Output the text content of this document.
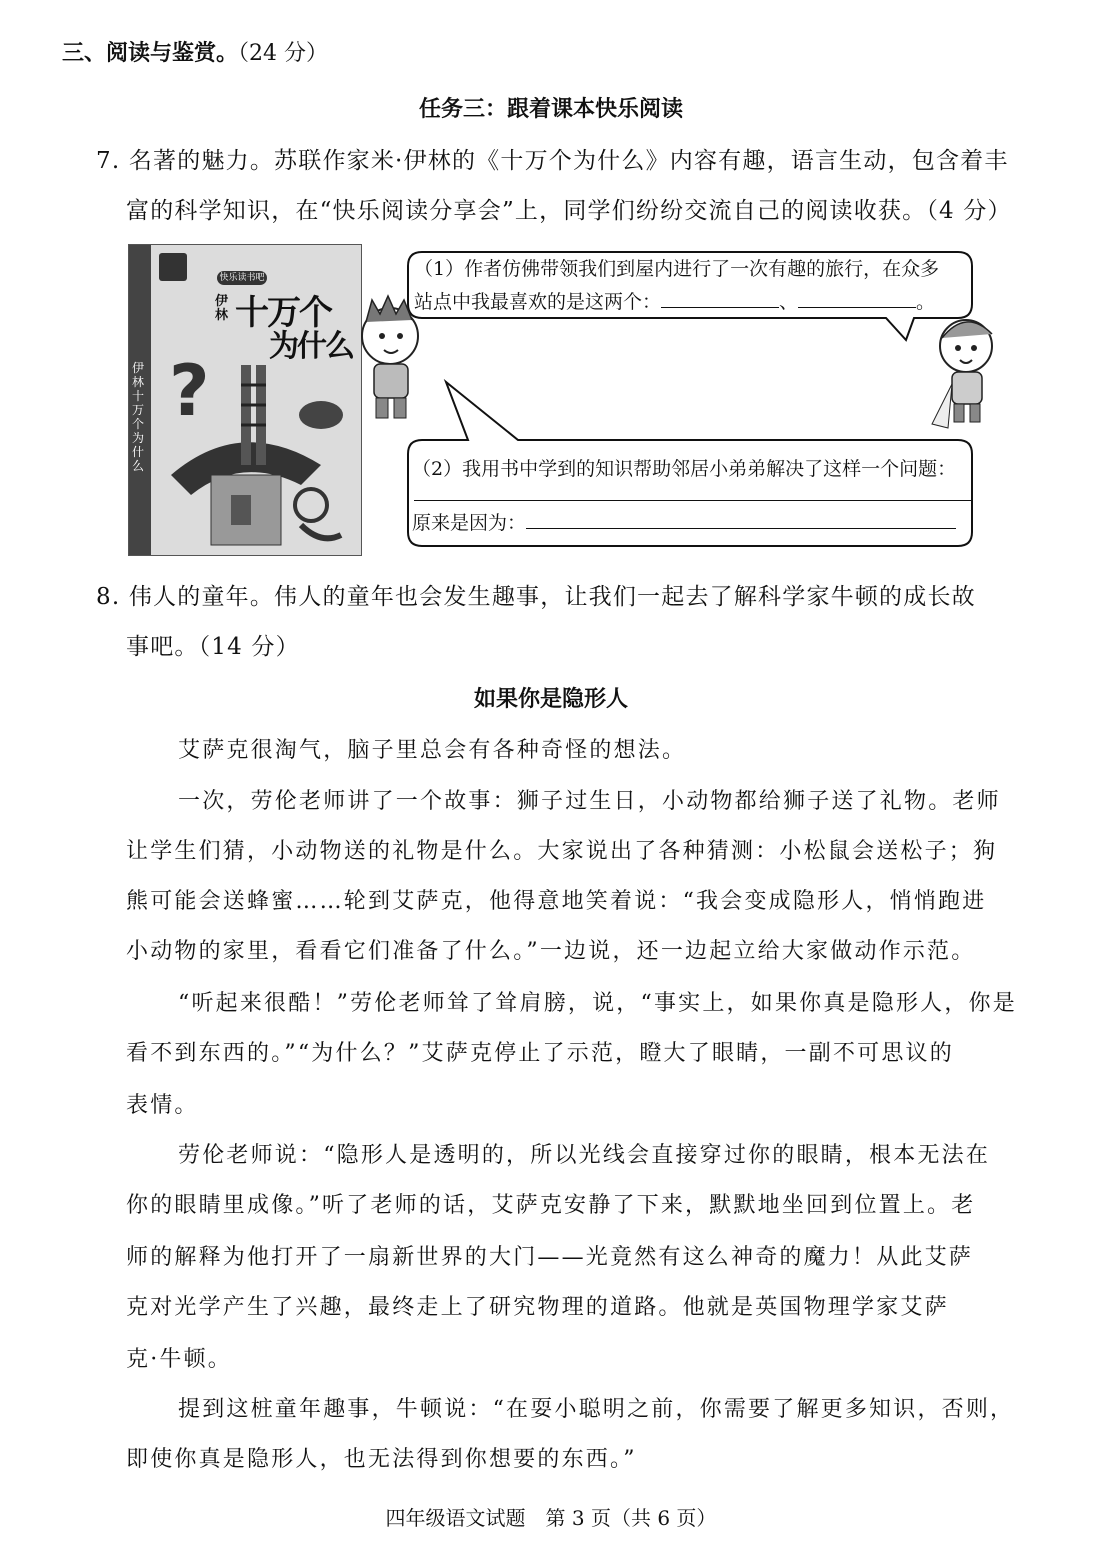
三、阅读与鉴赏。（24 分）
任务三：跟着课本快乐阅读
7. 名著的魅力。苏联作家米·伊林的《十万个为什么》内容有趣，语言生动，包含着丰
富的科学知识，在“快乐阅读分享会”上，同学们纷纷交流自己的阅读收获。（4 分）
伊林十万个为什么
快乐读书吧
伊林 十万个
为什么
?
（1）作者仿佛带领我们到屋内进行了一次有趣的旅行，在众多
站点中我最喜欢的是这两个：	、	。
（2）我用书中学到的知识帮助邻居小弟弟解决了这样一个问题：
原来是因为：
8. 伟人的童年。伟人的童年也会发生趣事，让我们一起去了解科学家牛顿的成长故
事吧。（14 分）
如果你是隐形人
艾萨克很淘气，脑子里总会有各种奇怪的想法。
一次，劳伦老师讲了一个故事：狮子过生日，小动物都给狮子送了礼物。老师
让学生们猜，小动物送的礼物是什么。大家说出了各种猜测：小松鼠会送松子；狗
熊可能会送蜂蜜……轮到艾萨克，他得意地笑着说：“我会变成隐形人，悄悄跑进
小动物的家里，看看它们准备了什么。”一边说，还一边起立给大家做动作示范。
“听起来很酷！”劳伦老师耸了耸肩膀，说，“事实上，如果你真是隐形人，你是
看不到东西的。”“为什么？”艾萨克停止了示范，瞪大了眼睛，一副不可思议的
表情。
劳伦老师说：“隐形人是透明的，所以光线会直接穿过你的眼睛，根本无法在
你的眼睛里成像。”听了老师的话，艾萨克安静了下来，默默地坐回到位置上。老
师的解释为他打开了一扇新世界的大门——光竟然有这么神奇的魔力！从此艾萨
克对光学产生了兴趣，最终走上了研究物理的道路。他就是英国物理学家艾萨
克·牛顿。
提到这桩童年趣事，牛顿说：“在耍小聪明之前，你需要了解更多知识，否则，
即使你真是隐形人，也无法得到你想要的东西。”
四年级语文试题　第 3 页（共 6 页）
